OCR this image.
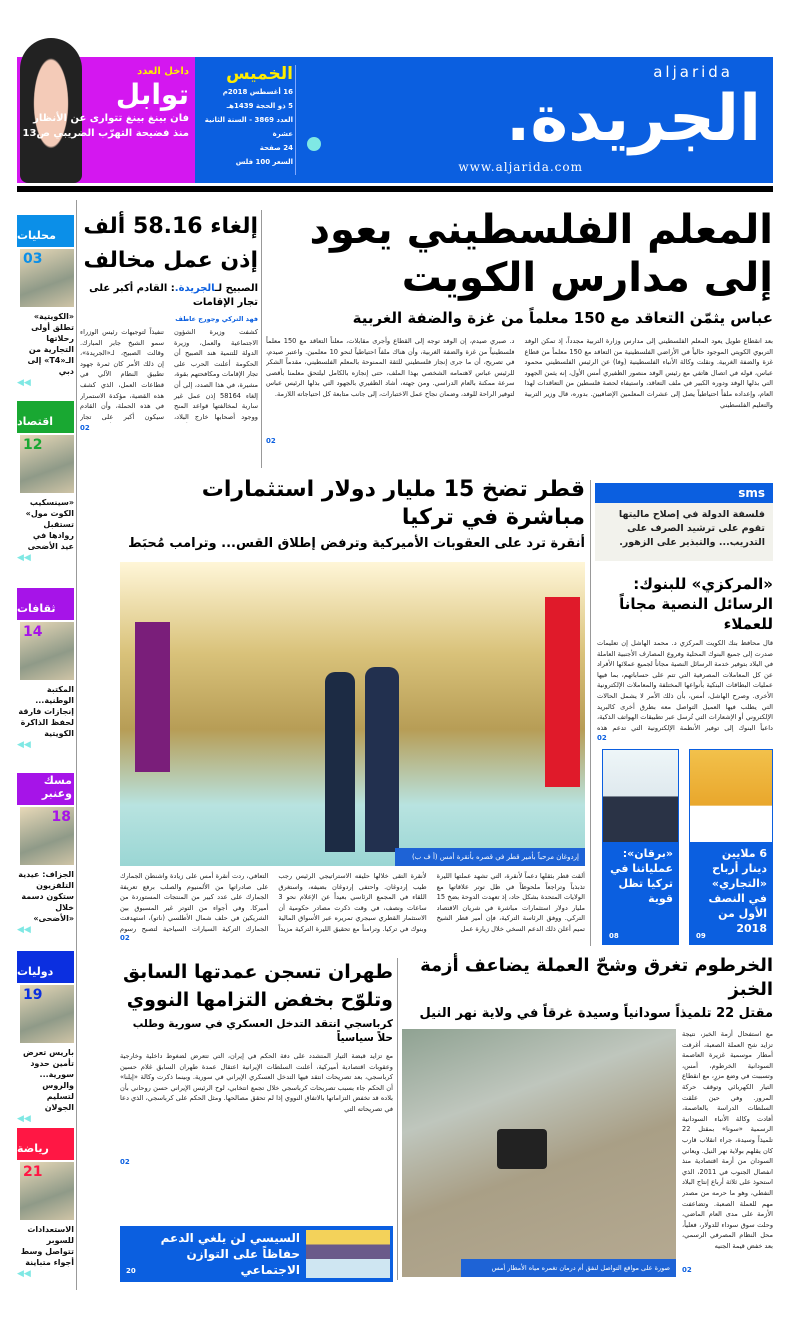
داخل العدد
توابل
فان بينغ بينغ تتوارى عن الأنظار
منذ فضيحة التهرّب الضريبي ص13	الجريدة.
aljarida
www.aljarida.com
الخميس
16 أغسطس 2018م
5 ذو الحجة 1439هـ
العدد 3869 - السنة الثانية عشرة
24 صفحة
السعر 100 فلس
محليات
03
«الكويتية» تطلق أولى رحلاتها التجارية من الـ«T4» إلى دبي
◀◀
اقتصاد
12
«سينسكيب الكوت مول» تستقبل روادها في عيد الأضحى
◀◀
ثقافات
14
المكتبة الوطنية... إنجازات فارقة لحفظ الذاكرة الكويتية
◀◀
مسك وعنبر
18
الجزاف: عيدية التلفزيون ستكون دسمة خلال «الأضحى»
◀◀
دوليات
19
باريس تعرض تأمين حدود سورية... والروس لتسليم الجولان
◀◀
رياضة
21
الاستعدادات للسوبر تتواصل وسط أجواء متباينة
◀◀
المعلم الفلسطيني يعود
إلى مدارس الكويت
عباس يثمّن التعاقد مع 150 معلماً من غزة والضفة الغربية
بعد انقطاع طويل يعود المعلم الفلسطيني إلى مدارس وزارة التربية مجدداً، إذ تمكن الوفد التربوي الكويتي الموجود حالياً في الأراضي الفلسطينية من التعاقد مع 150 معلماً من قطاع غزة والضفة الغربية. ونقلت وكالة الأنباء الفلسطينية (وفا) عن الرئيس الفلسطيني محمود عباس، قوله في اتصال هاتفي مع رئيس الوفد منصور الظفيري أمس الأول، إنه يثمن الجهود التي بذلها الوفد ودوره الكبير في ملف التعاقد، واستيفاء لحصة فلسطين من التعاقدات لهذا العام، وإعداده ملفاً احتياطياً يصل إلى عشرات المعلمين الإضافيين. بدوره، قال وزير التربية والتعليم الفلسطيني
د. صبري صيدم، إن الوفد توجه إلى القطاع وأجرى مقابلات، معلناً التعاقد مع 150 معلماً فلسطينياً من غزة والضفة الغربية، وأن هناك ملفاً احتياطياً لنحو 10 معلمين. واعتبر صيدم، في تصريح، أن ما جرى إنجاز فلسطيني للثقة الممنوحة بالمعلم الفلسطيني، مقدماً الشكر للرئيس عباس لاهتمامه الشخصي بهذا الملف، حتى إنجازه بالكامل ليلتحق معلمنا بأقصى سرعة ممكنة بالعام الدراسي. ومن جهته، أشاد الظفيري بالجهود التي بذلها الرئيس عباس لتوفير الراحة للوفد، وضمان نجاح عمل الاختبارات، إلى جانب متابعة كل احتياجاته اللازمة.
02
إلغاء 58.16 ألف
إذن عمل مخالف
الصبيح لـالجريدة.: القادم أكبر على تجار الإقامات
فهد التركي وجورج عاطف
كشفت وزيرة الشؤون الاجتماعية والعمل، وزيرة الدولة للتنمية هند الصبيح أن الحكومة أعلنت الحرب على تجار الإقامات ومكافحتهم بقوة، مشيرة، في هذا الصدد، إلى أن إلغاء 58164 إذن عمل غير سارية لمخالفتها قواعد المنح ووجود أصحابها خارج البلاد،
تنفيذاً لتوجيهات رئيس الوزراء سمو الشيخ جابر المبارك. وقالت الصبيح، لـ«الجريدة»، إن ذلك الأمر كان ثمرة جهود تطبيق النظام الآلي في قطاعات العمل، الذي كشف هذه القضية، مؤكدة الاستمرار في هذه الحملة، وأن القادم سيكون أكبر على تجار
02
sms
فلسفة الدولة في إصلاح ماليتها تقوم على ترشيد الصرف على التدريب... والتبذير على الزهور.
إردوغان مرحباً بأمير قطر في قصره بأنقرة أمس (أ ف ب)
قطر تضخ 15 مليار دولار استثمارات مباشرة في تركيا
أنقرة ترد على العقوبات الأميركية وترفض إطلاق القس... وترامب مُحبَط
ألقت قطر بثقلها دعماً لأنقرة، التي تشهد عملتها الليرة تذبذباً وتراجعاً ملحوظاً في ظل توتر علاقاتها مع الولايات المتحدة بشكل حاد، إذ تعهدت الدوحة بضخ 15 مليار دولار استثمارات مباشرة في شريان الاقتصاد التركي. ووفق الرئاسة التركية، فإن أمير قطر الشيخ تميم أعلن ذلك الدعم السخي خلال زيارة عمل
لأنقرة التقى خلالها حليفه الاستراتيجي الرئيس رجب طيب إردوغان. واحتفى إردوغان بضيفه، واستغرق اللقاء في المجمع الرئاسي بعيداً عن الإعلام نحو 3 ساعات ونصف، في وقت ذكرت مصادر حكومية أن الاستثمار القطري سيجري تمريره عبر الأسواق المالية وبنوك في تركيا. وترامناً مع تحقيق الليرة التركية مزيداً
التعافي، ردت أنقرة أمس على زيادة واشنطن الجمارك على صادراتها من الألمنيوم والصلب برفع تعريفة الجمارك على عدد كبير من المنتجات المستوردة من أميركا. وفي أجواء من التوتر غير المسبوق بين الشريكين في حلف شمال الأطلسي (ناتو)، استهدفت الجمارك التركية السيارات السياحية لتصبح رسوم
02
«المركزي» للبنوك: الرسائل النصية مجاناً للعملاء
قال محافظ بنك الكويت المركزي د. محمد الهاشل إن تعليمات صدرت إلى جميع البنوك المحلية وفروع المصارف الأجنبية العاملة في البلاد بتوفير خدمة الرسائل النصية مجاناً لجميع عملائها الأفراد عن كل المعاملات المصرفية التي تتم على حساباتهم، بما فيها عمليات البطاقات البنكية بأنواعها المختلفة والمعاملات الإلكترونية الأخرى. وصرح الهاشل، أمس، بأن ذلك الأمر لا يشمل الحالات التي يطلب فيها العميل التواصل معه بطرق أخرى كالبريد الإلكتروني أو الإشعارات التي تُرسل عبر تطبيقات الهواتف الذكية، داعياً البنوك إلى توفير الأنظمة الإلكترونية التي تدعم هذه
02
6 ملايين دينار أرباح «التجاري» في النصف الأول من 2018
09
«برقان»: عملياتنا في تركيا تظل قوية
08
الخرطوم تغرق وشحّ العملة يضاعف أزمة الخبز
مقتل 22 تلميذاً سودانياً وسيدة غرقاً في ولاية نهر النيل
مع استفحال أزمة الخبز، نتيجة تزايد شح العملة الصعبة، أغرقت أمطار موسمية غزيرة العاصمة السودانية الخرطوم، أمس، وتسببت في وضع مزرٍ، مع انقطاع التيار الكهربائي وتوقف حركة المرور. وفي حين علقت السلطات الدراسة بالعاصمة، أفادت وكالة الأنباء السودانية الرسمية «سونا» بمقتل 22 تلميذاً وسيدة، جراء انقلاب قارب كان يقلهم بولاية نهر النيل. ويعاني السودان من أزمة اقتصادية منذ انفصال الجنوب في 2011، الذي استحوذ على ثلاثة أرباع إنتاج البلاد النفطي، وهو ما حرمه من مصدر مهم للعملة الصعبة. وتضاعفت الأزمة على مدى العام الماضي، وحلت سوق سوداء للدولار، فعلياً، محل النظام المصرفي الرسمي، بعد خفض قيمة الجنيه
02
صورة على مواقع التواصل لنفق أم درمان تغمره مياه الأمطار أمس
طهران تسجن عمدتها السابق
وتلوّح بخفض التزامها النووي
كرباسجي انتقد التدخل العسكري في سورية وطلب حلاً سياسياً
مع تزايد قبضة التيار المتشدد على دفة الحكم في إيران، التي تتعرض لضغوط داخلية وخارجية وعقوبات اقتصادية أميركية، أعلنت السلطات الإيرانية اعتقال عمدة طهران السابق غلام حسين كرباسجي، بعد تصريحات انتقد فيها التدخل العسكري الإيراني في سورية. وبينما ذكرت وكالة «إيلنا» أن الحكم جاء بسبب تصريحات كرباسجي خلال تجمع انتخابي، لوح الرئيس الإيراني حسن روحاني بأن بلاده قد تخفض التزاماتها بالاتفاق النووي إذا لم تحقق مصالحها. ومثل الحكم على كرباسجي، الذي دعا في تصريحاته التي
02
السيسي لن يلغي الدعم حفاظاً على التوازن الاجتماعي
20
